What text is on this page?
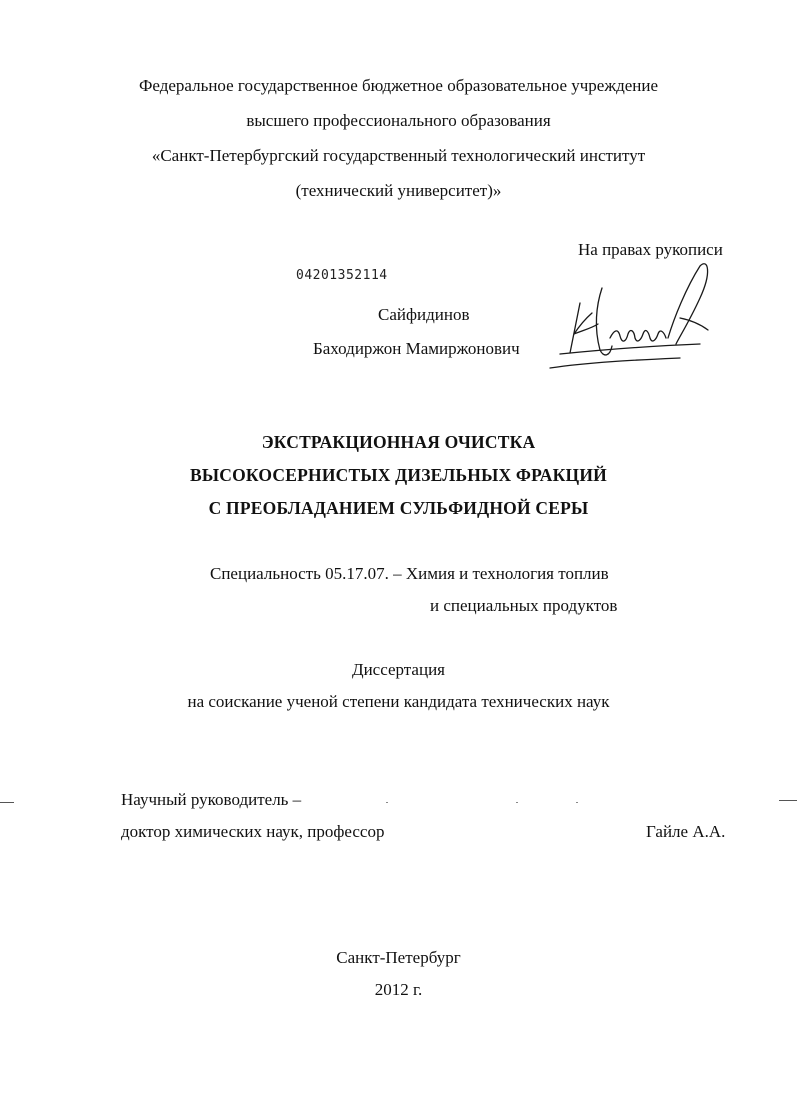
Федеральное государственное бюджетное образовательное учреждение
высшего профессионального образования
«Санкт-Петербургский государственный технологический институт
(технический университет)»
На правах рукописи
04201352114
Сайфидинов
Баходиржон Мамиржонович
ЭКСТРАКЦИОННАЯ ОЧИСТКА
ВЫСОКОСЕРНИСТЫХ ДИЗЕЛЬНЫХ ФРАКЦИЙ
С ПРЕОБЛАДАНИЕМ СУЛЬФИДНОЙ СЕРЫ
Специальность 05.17.07. – Химия и технология топлив
и специальных продуктов
Диссертация
на соискание ученой степени кандидата технических наук
Научный руководитель –
доктор химических наук, профессор	Гайле А.А.
Санкт-Петербург
2012 г.
